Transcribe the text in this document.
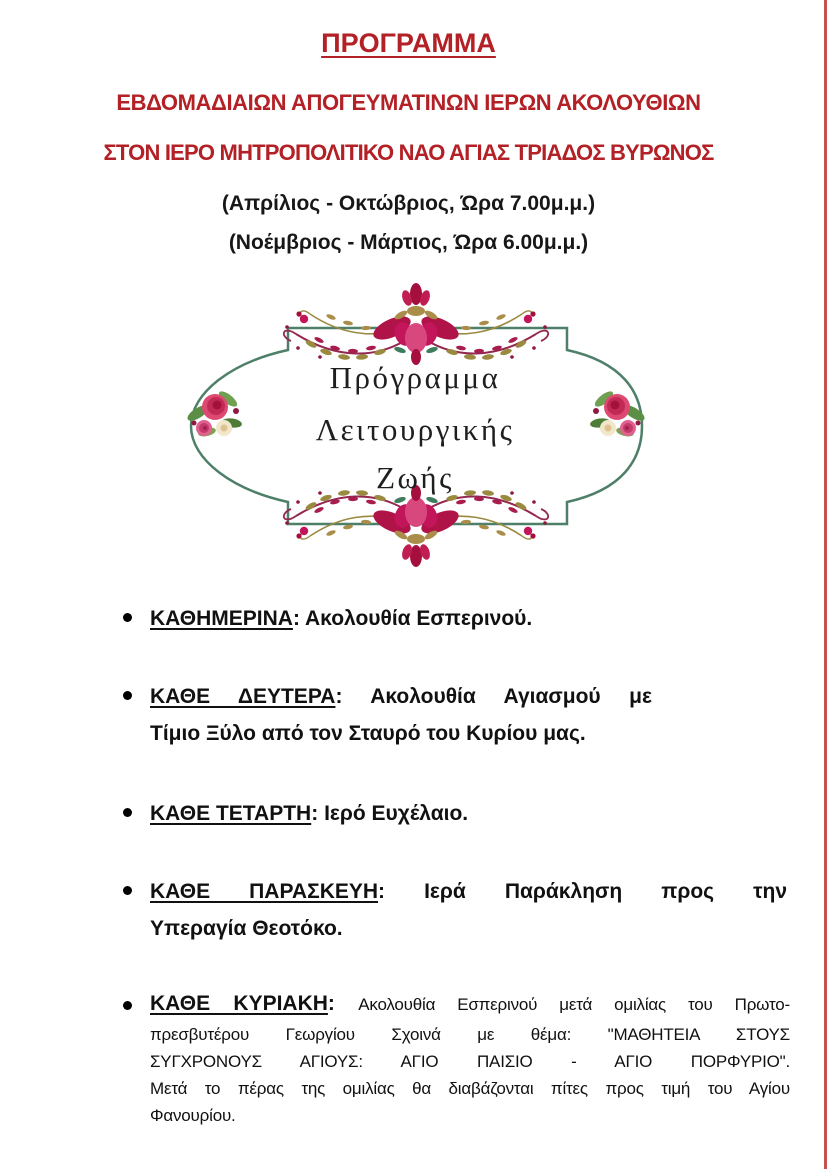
ΠΡΟΓΡΑΜΜΑ
ΕΒΔΟΜΑΔΙΑΙΩΝ ΑΠΟΓΕΥΜΑΤΙΝΩΝ ΙΕΡΩΝ ΑΚΟΛΟΥΘΙΩΝ
ΣΤΟΝ ΙΕΡΟ ΜΗΤΡΟΠΟΛΙΤΙΚΟ ΝΑΟ ΑΓΙΑΣ ΤΡΙΑΔΟΣ ΒΥΡΩΝΟΣ
(Απρίλιος - Οκτώβριος, Ώρα 7.00μ.μ.)
(Νοέμβριος - Μάρτιος, Ώρα 6.00μ.μ.)
Πρόγραμμα
Λειτουργικής
Ζωής
ΚΑΘΗΜΕΡΙΝΑ: Ακολουθία Εσπερινού.
ΚΑΘΕ ΔΕΥΤΕΡΑ: Ακολουθία Αγιασμού με
Τίμιο Ξύλο από τον Σταυρό του Κυρίου μας.
ΚΑΘΕ ΤΕΤΑΡΤΗ: Ιερό Ευχέλαιο.
ΚΑΘΕ ΠΑΡΑΣΚΕΥΗ: Ιερά Παράκληση προς την
Υπεραγία Θεοτόκο.
ΚΑΘΕ ΚΥΡΙΑΚΗ: Ακολουθία Εσπερινού μετά ομιλίας του Πρωτο-
πρεσβυτέρου Γεωργίου Σχοινά με θέμα: "ΜΑΘΗΤΕΙΑ ΣΤΟΥΣ
ΣΥΓΧΡΟΝΟΥΣ ΑΓΙΟΥΣ: ΑΓΙΟ ΠΑΙΣΙΟ - ΑΓΙΟ ΠΟΡΦΥΡΙΟ".
Μετά το πέρας της ομιλίας θα διαβάζονται πίτες προς τιμή του Αγίου
Φανουρίου.
